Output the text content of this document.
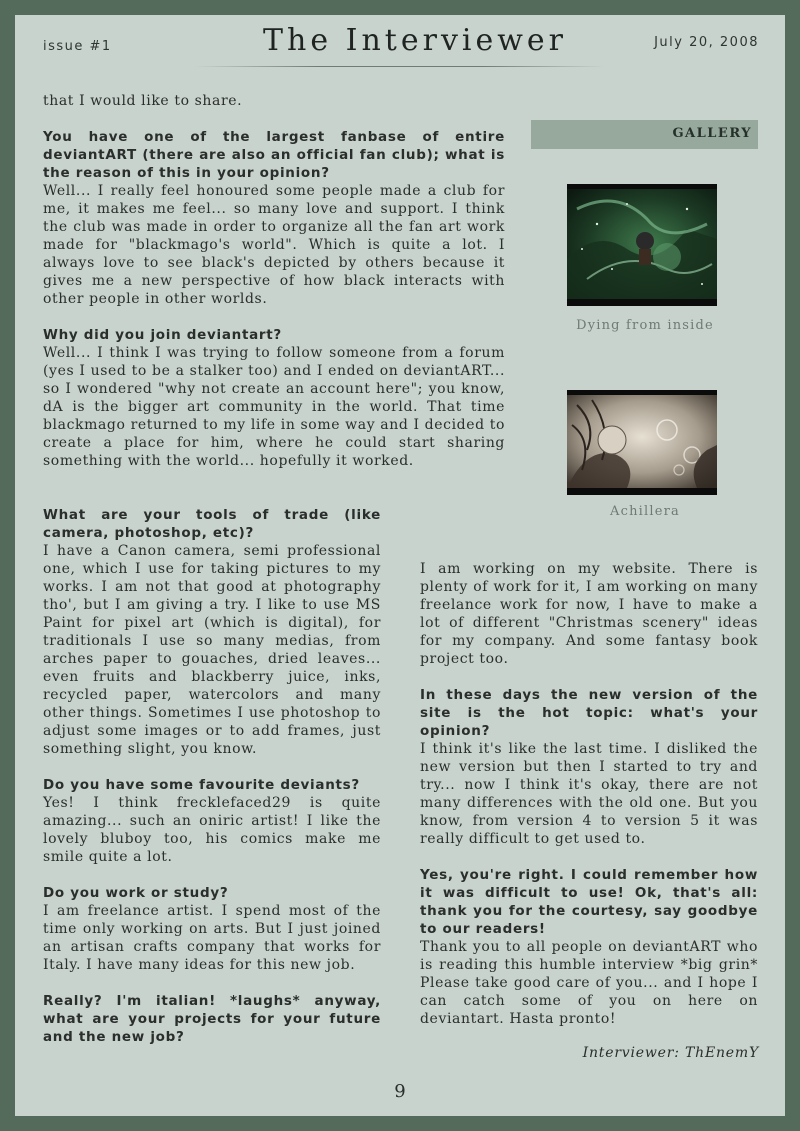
issue #1	The Interviewer	July 20, 2008

that I would like to share.

You have one of the largest fanbase of entire deviantART (there are also an official fan club); what is the reason of this in your opinion?

Well... I really feel honoured some people made a club for me, it makes me feel... so many love and support. I think the club was made in order to organize all the fan art work made for "blackmago's world". Which is quite a lot. I always love to see black's depicted by others because it gives me a new perspective of how black interacts with other people in other worlds.

Why did you join deviantart?

Well... I think I was trying to follow someone from a forum (yes I used to be a stalker too) and I ended on deviantART... so I wondered "why not create an account here"; you know, dA is the bigger art community in the world. That time blackmago returned to my life in some way and I decided to create a place for him, where he could start sharing something with the world... hopefully it worked.

What are your tools of trade (like camera, photoshop, etc)?

I have a Canon camera, semi professional one, which I use for taking pictures to my works. I am not that good at photography tho', but I am giving a try. I like to use MS Paint for pixel art (which is digital), for traditionals I use so many medias, from arches paper to gouaches, dried leaves... even fruits and blackberry juice, inks, recycled paper, watercolors and many other things. Sometimes I use photoshop to adjust some images or to add frames, just something slight, you know.

Do you have some favourite deviants?

Yes! I think frecklefaced29 is quite amazing... such an oniric artist! I like the lovely bluboy too, his comics make me smile quite a lot.

Do you work or study?

I am freelance artist. I spend most of the time only working on arts. But I just joined an artisan crafts company that works for Italy. I have many ideas for this new job.

Really? I'm italian! *laughs* anyway, what are your projects for your future and the new job?

I am working on my website. There is plenty of work for it, I am working on many freelance work for now, I have to make a lot of different "Christmas scenery" ideas for my company. And some fantasy book project too.

In these days the new version of the site is the hot topic: what's your opinion?

I think it's like the last time. I disliked the new version but then I started to try and try... now I think it's okay, there are not many differences with the old one. But you know, from version 4 to version 5 it was really difficult to get used to.

Yes, you're right. I could remember how it was difficult to use! Ok, that's all: thank you for the courtesy, say goodbye to our readers!

Thank you to all people on deviantART who is reading this humble interview *big grin* Please take good care of you... and I hope I can catch some of you on here on deviantart. Hasta pronto!

GALLERY
Dying from inside
Achillera
Interviewer: ThEnemY
9
